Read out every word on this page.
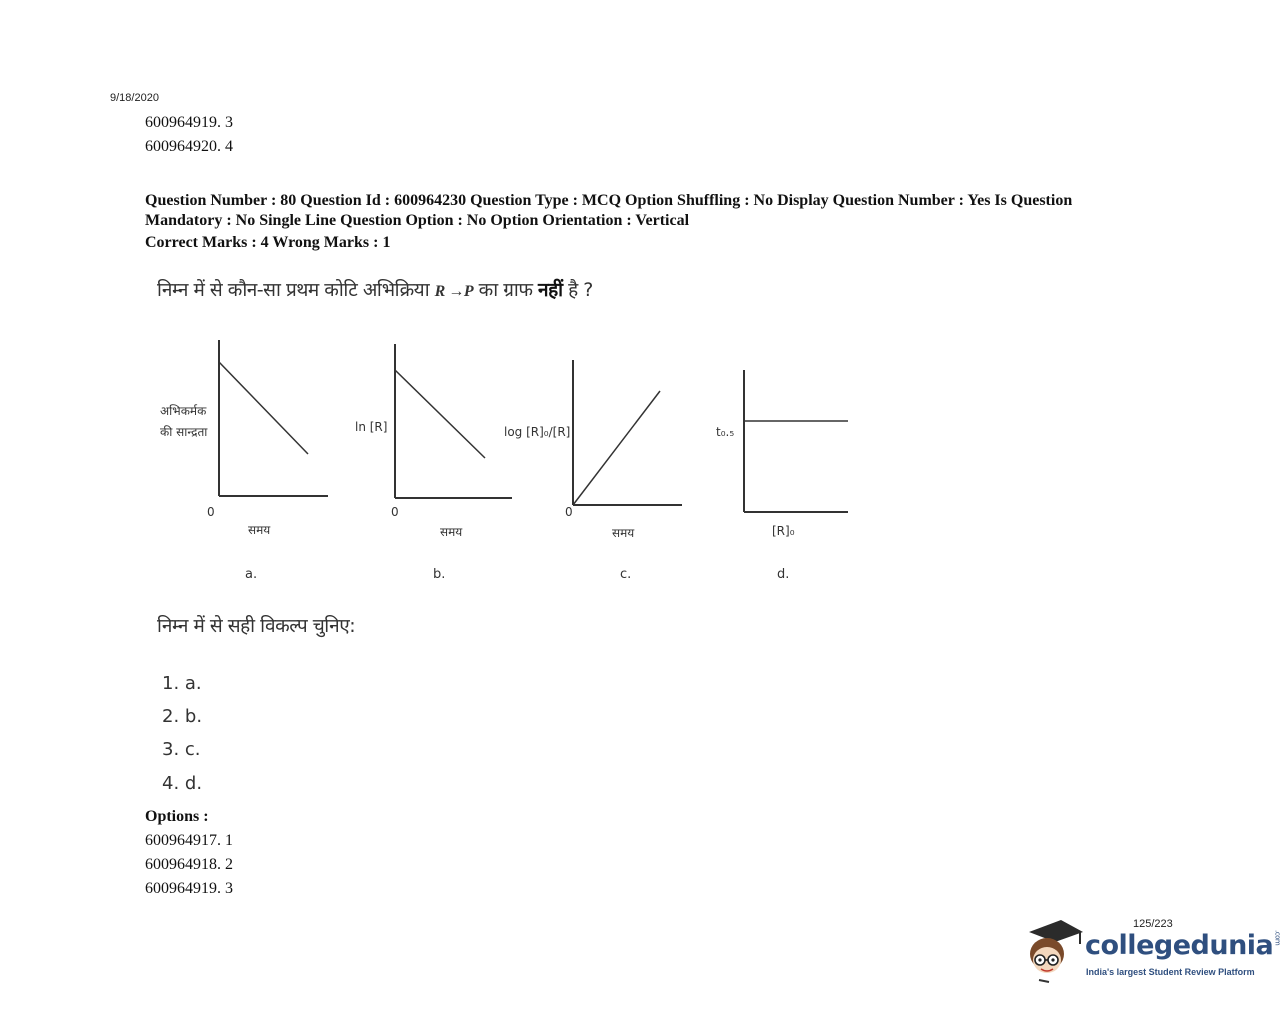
9/18/2020
600964919. 3
600964920. 4
Question Number : 80 Question Id : 600964230 Question Type : MCQ Option Shuffling : No Display Question Number : Yes Is Question
Mandatory : No Single Line Question Option : No Option Orientation : Vertical
Correct Marks : 4 Wrong Marks : 1
निम्न में से कौन-सा प्रथम कोटि अभिक्रिया R →P का ग्राफ नहीं है ?
अभिकर्मक
की सान्द्रता
0
समय
a.
ln [R]
0
समय
b.
log [R]₀/[R]
0
समय
c.
t₀.₅
[R]₀
d.
निम्न में से सही विकल्प चुनिए:
1. a.
2. b.
3. c.
4. d.
Options :
600964917. 1
600964918. 2
600964919. 3
125/223
collegedunia.com
India's largest Student Review Platform
